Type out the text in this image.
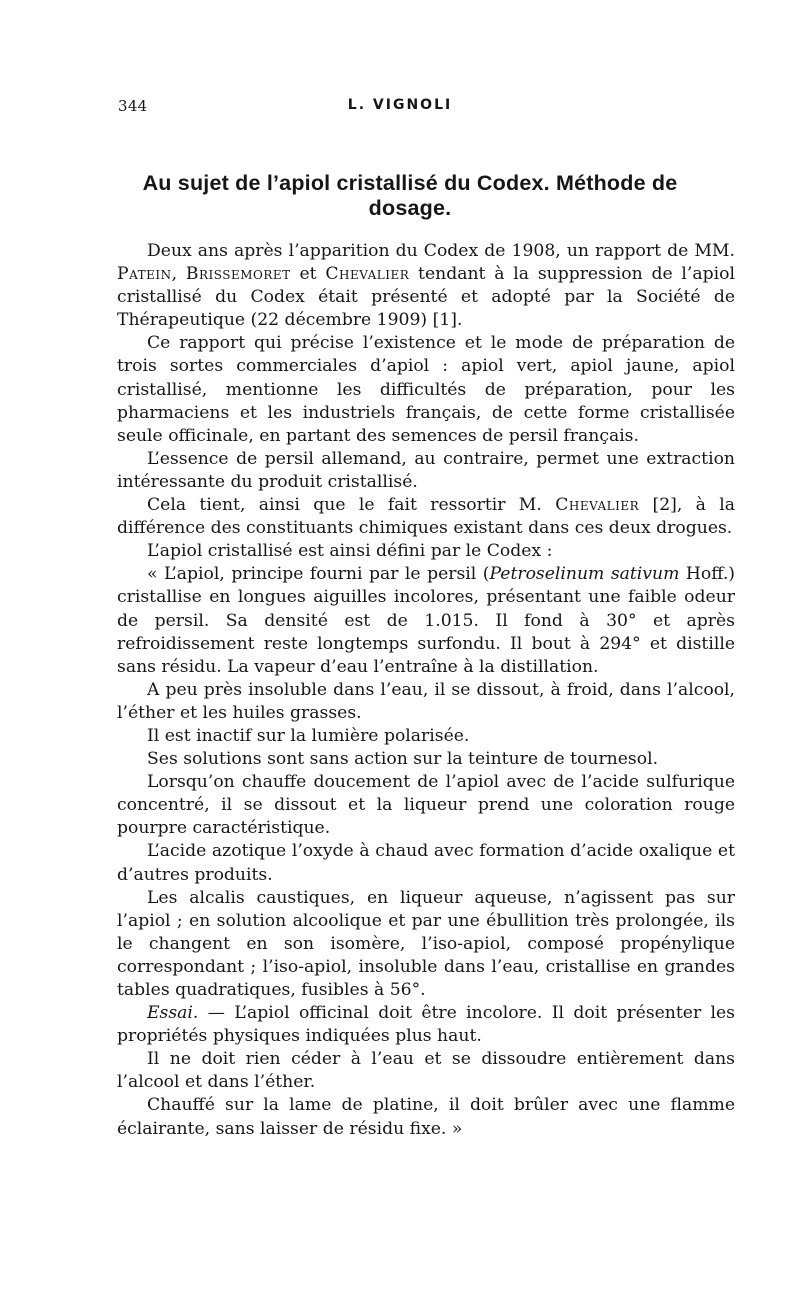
344	L. VIGNOLI
Au sujet de l’apiol cristallisé du Codex. Méthode de dosage.

Deux ans après l’apparition du Codex de 1908, un rapport de MM. Patein, Brissemoret et Chevalier tendant à la suppression de l’apiol cristallisé du Codex était présenté et adopté par la Société de Thérapeutique (22 décembre 1909) [1].

Ce rapport qui précise l’existence et le mode de préparation de trois sortes commerciales d’apiol : apiol vert, apiol jaune, apiol cristallisé, mentionne les difficultés de préparation, pour les pharmaciens et les industriels français, de cette forme cristallisée seule officinale, en partant des semences de persil français.

L’essence de persil allemand, au contraire, permet une extraction intéressante du produit cristallisé.

Cela tient, ainsi que le fait ressortir M. Chevalier [2], à la différence des constituants chimiques existant dans ces deux drogues.

L’apiol cristallisé est ainsi défini par le Codex :

« L’apiol, principe fourni par le persil (Petroselinum sativum Hoff.) cristallise en longues aiguilles incolores, présentant une faible odeur de persil. Sa densité est de 1.015. Il fond à 30° et après refroidissement reste longtemps surfondu. Il bout à 294° et distille sans résidu. La vapeur d’eau l’entraîne à la distillation.

A peu près insoluble dans l’eau, il se dissout, à froid, dans l’alcool, l’éther et les huiles grasses.

Il est inactif sur la lumière polarisée.

Ses solutions sont sans action sur la teinture de tournesol.

Lorsqu’on chauffe doucement de l’apiol avec de l’acide sulfurique concentré, il se dissout et la liqueur prend une coloration rouge pourpre caractéristique.

L’acide azotique l’oxyde à chaud avec formation d’acide oxalique et d’autres produits.

Les alcalis caustiques, en liqueur aqueuse, n’agissent pas sur l’apiol ; en solution alcoolique et par une ébullition très prolongée, ils le changent en son isomère, l’iso-apiol, composé propénylique correspondant ; l’iso-apiol, insoluble dans l’eau, cristallise en grandes tables quadratiques, fusibles à 56°.

Essai. — L’apiol officinal doit être incolore. Il doit présenter les propriétés physiques indiquées plus haut.

Il ne doit rien céder à l’eau et se dissoudre entièrement dans l’alcool et dans l’éther.

Chauffé sur la lame de platine, il doit brûler avec une flamme éclairante, sans laisser de résidu fixe. »
